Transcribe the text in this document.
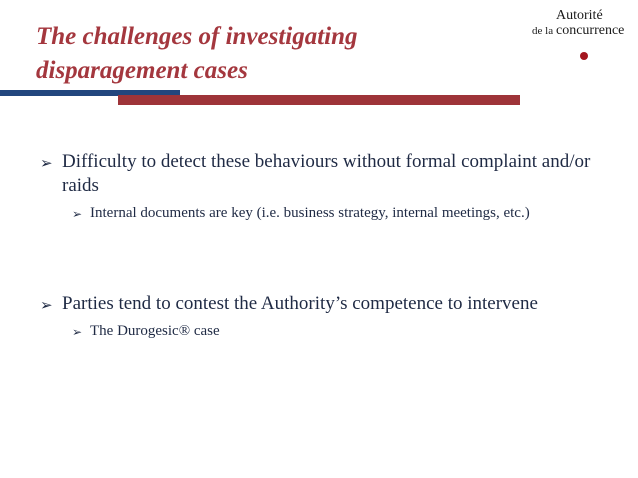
The challenges of investigating
disparagement cases
Autorité
de la concurrence
➢ Difficulty to detect these behaviours without formal complaint and/or raids
➢ Internal documents are key (i.e. business strategy, internal meetings, etc.)
➢ Parties tend to contest the Authority’s competence to intervene
➢ The Durogesic® case
